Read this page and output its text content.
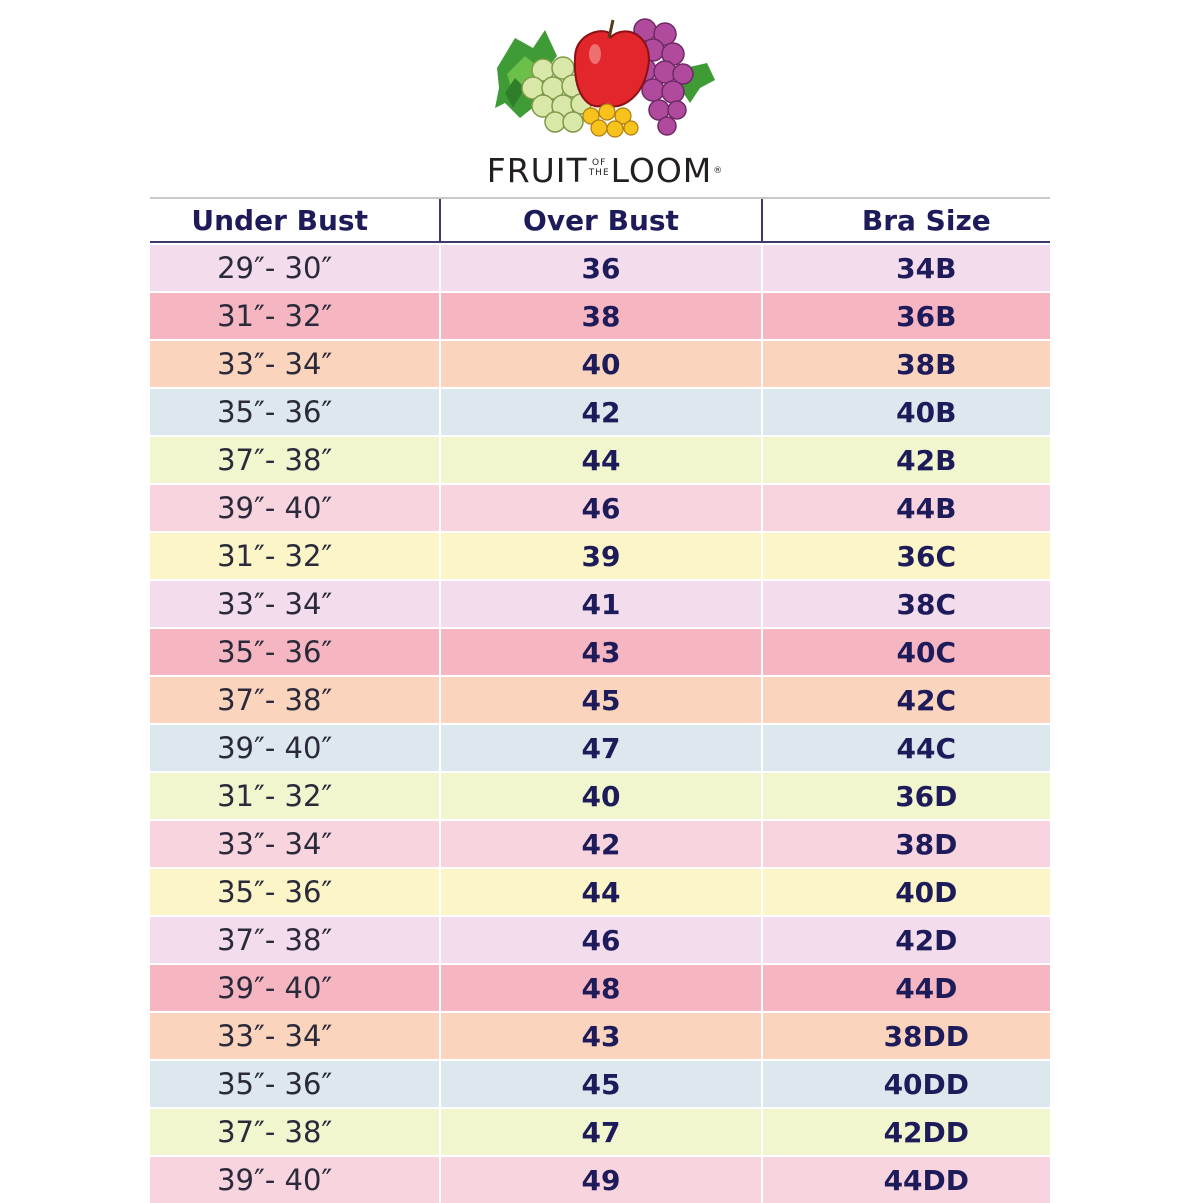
FRUIT OF
THE LOOM ®
Under Bust	Over Bust	Bra Size
29″- 30″	36	34B
31″- 32″	38	36B
33″- 34″	40	38B
35″- 36″	42	40B
37″- 38″	44	42B
39″- 40″	46	44B
31″- 32″	39	36C
33″- 34″	41	38C
35″- 36″	43	40C
37″- 38″	45	42C
39″- 40″	47	44C
31″- 32″	40	36D
33″- 34″	42	38D
35″- 36″	44	40D
37″- 38″	46	42D
39″- 40″	48	44D
33″- 34″	43	38DD
35″- 36″	45	40DD
37″- 38″	47	42DD
39″- 40″	49	44DD
